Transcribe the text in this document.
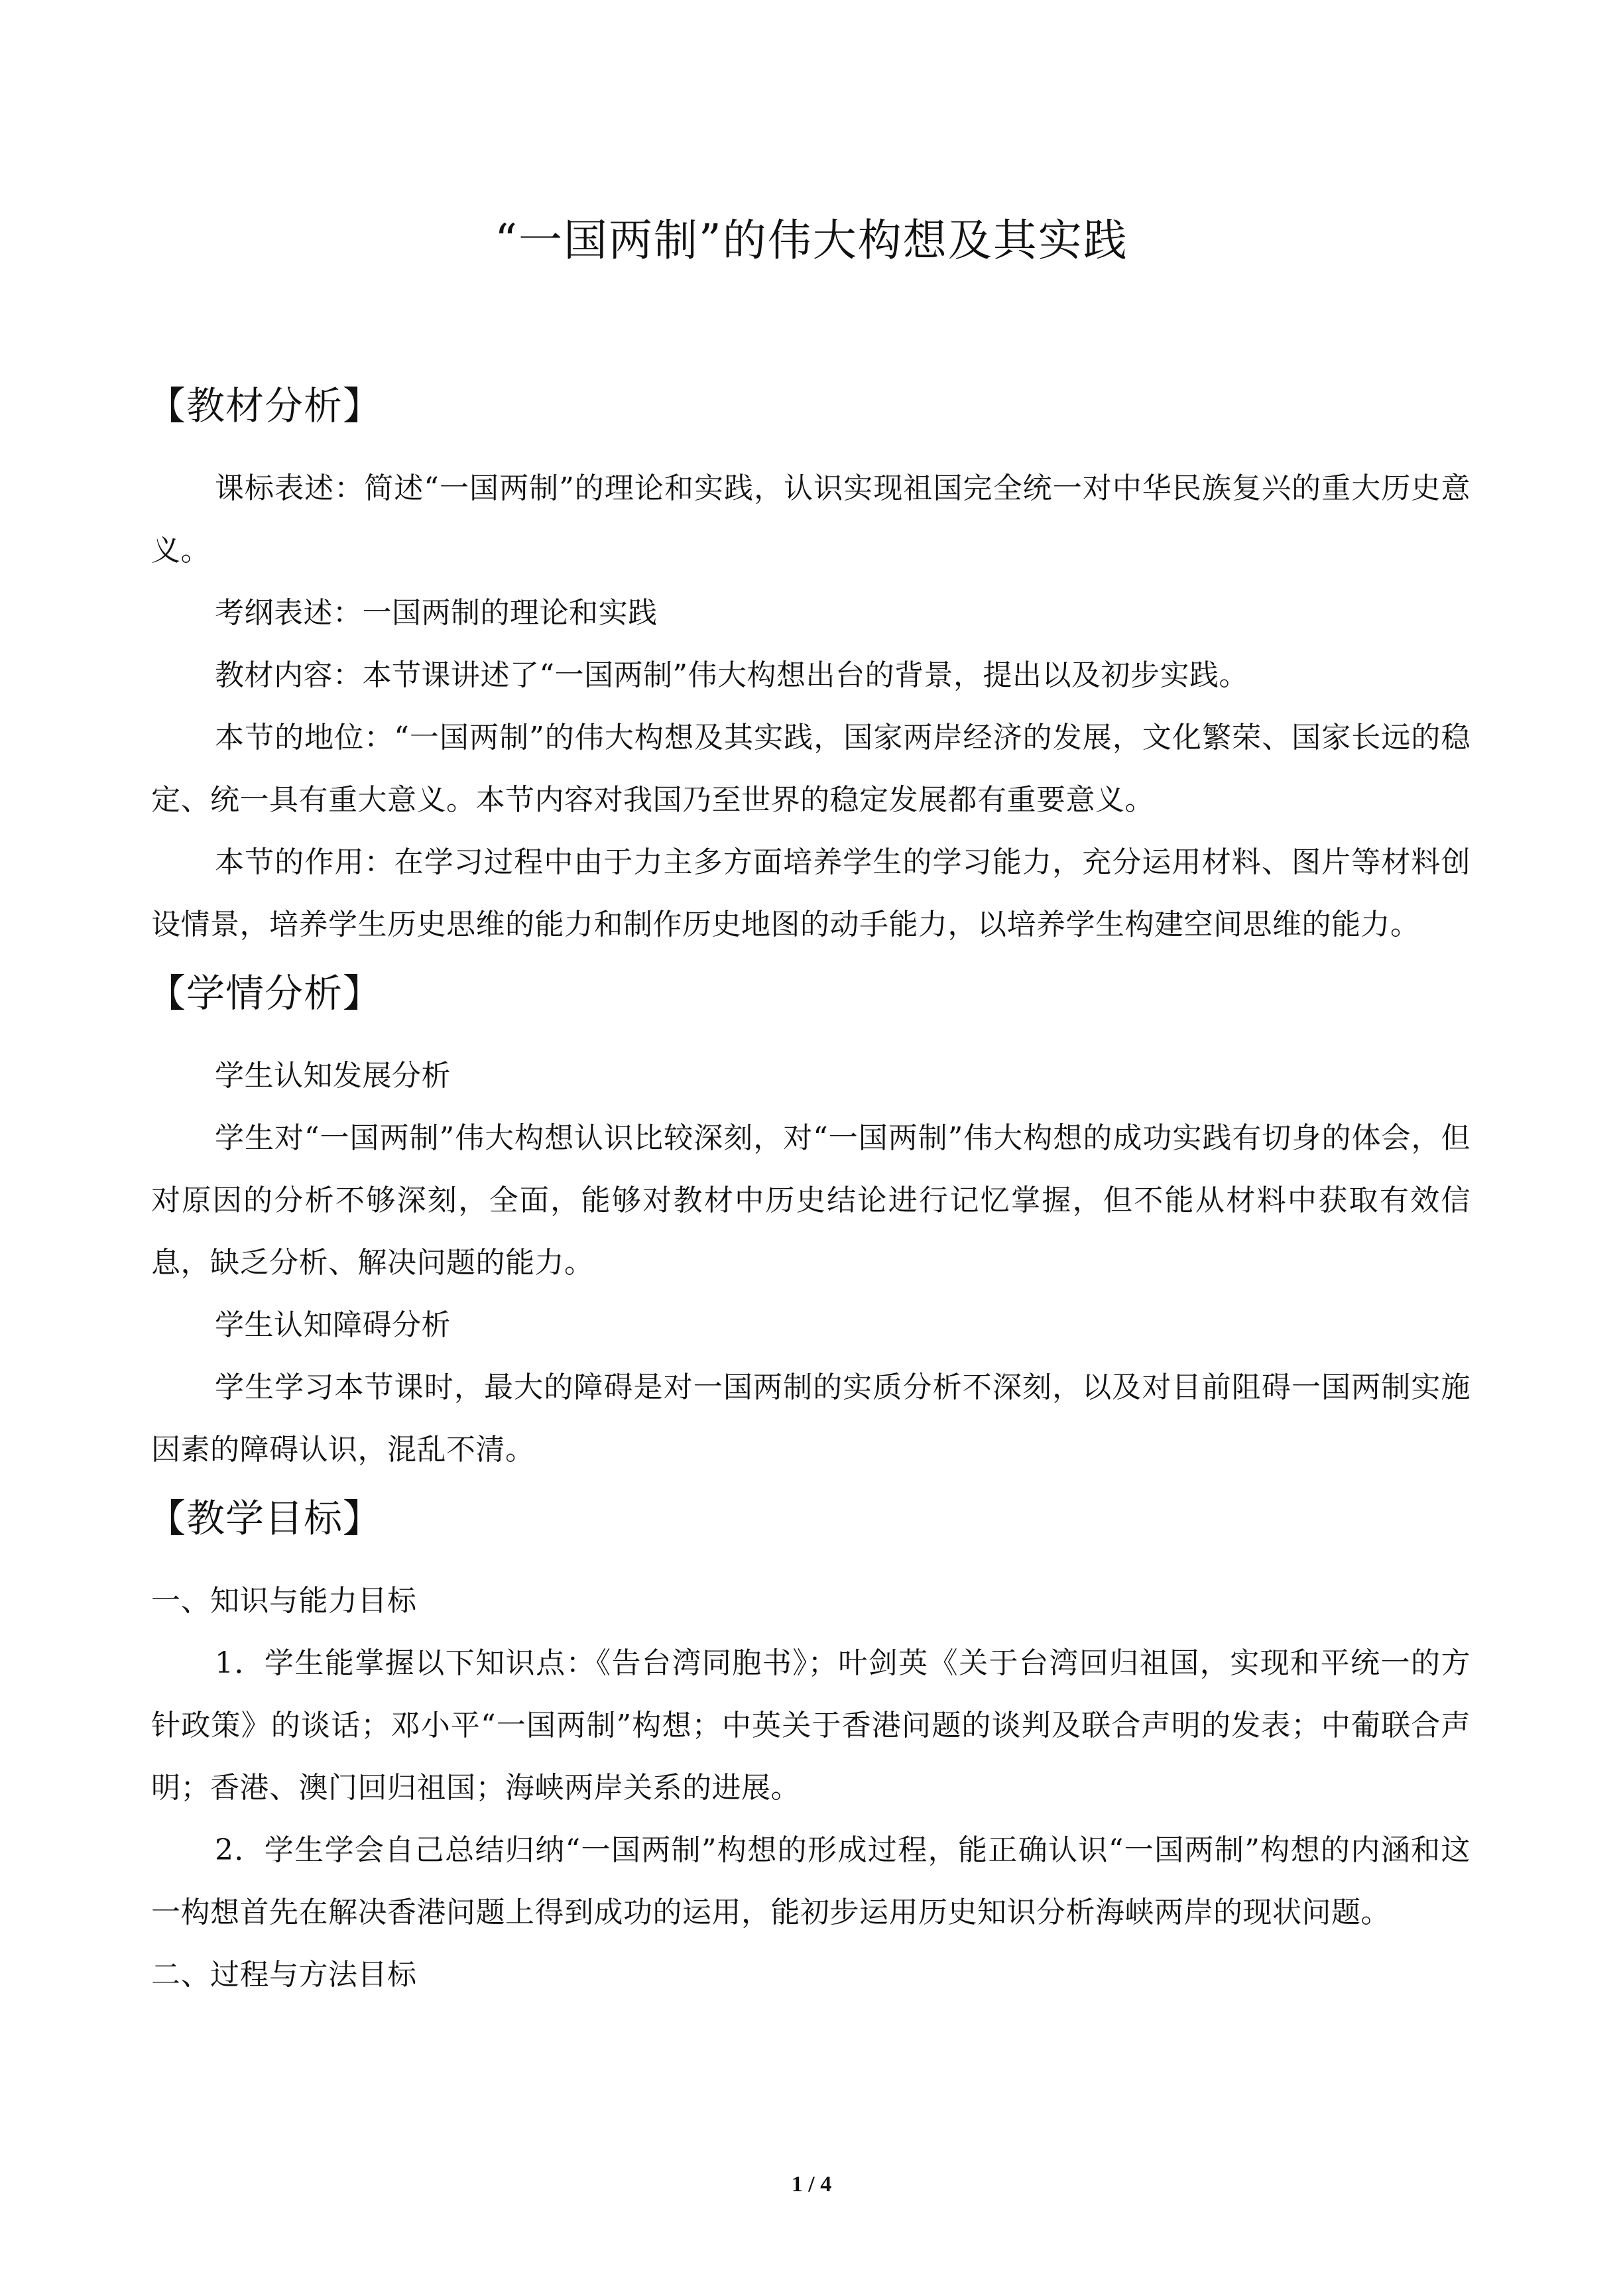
“一国两制”的伟大构想及其实践
【教材分析】

课标表述：简述“一国两制”的理论和实践，认识实现祖国完全统一对中华民族复兴的重大历史意义。

考纲表述：一国两制的理论和实践

教材内容：本节课讲述了“一国两制”伟大构想出台的背景，提出以及初步实践。

本节的地位：“一国两制”的伟大构想及其实践，国家两岸经济的发展，文化繁荣、国家长远的稳定、统一具有重大意义。本节内容对我国乃至世界的稳定发展都有重要意义。

本节的作用：在学习过程中由于力主多方面培养学生的学习能力，充分运用材料、图片等材料创设情景，培养学生历史思维的能力和制作历史地图的动手能力，以培养学生构建空间思维的能力。

【学情分析】

学生认知发展分析

学生对“一国两制”伟大构想认识比较深刻，对“一国两制”伟大构想的成功实践有切身的体会，但对原因的分析不够深刻，全面，能够对教材中历史结论进行记忆掌握，但不能从材料中获取有效信息，缺乏分析、解决问题的能力。

学生认知障碍分析

学生学习本节课时，最大的障碍是对一国两制的实质分析不深刻，以及对目前阻碍一国两制实施因素的障碍认识，混乱不清。

【教学目标】

一、知识与能力目标

1．学生能掌握以下知识点：《告台湾同胞书》；叶剑英《关于台湾回归祖国，实现和平统一的方针政策》的谈话；邓小平“一国两制”构想；中英关于香港问题的谈判及联合声明的发表；中葡联合声明；香港、澳门回归祖国；海峡两岸关系的进展。

2．学生学会自己总结归纳“一国两制”构想的形成过程，能正确认识“一国两制”构想的内涵和这一构想首先在解决香港问题上得到成功的运用，能初步运用历史知识分析海峡两岸的现状问题。

二、过程与方法目标

1 / 4
